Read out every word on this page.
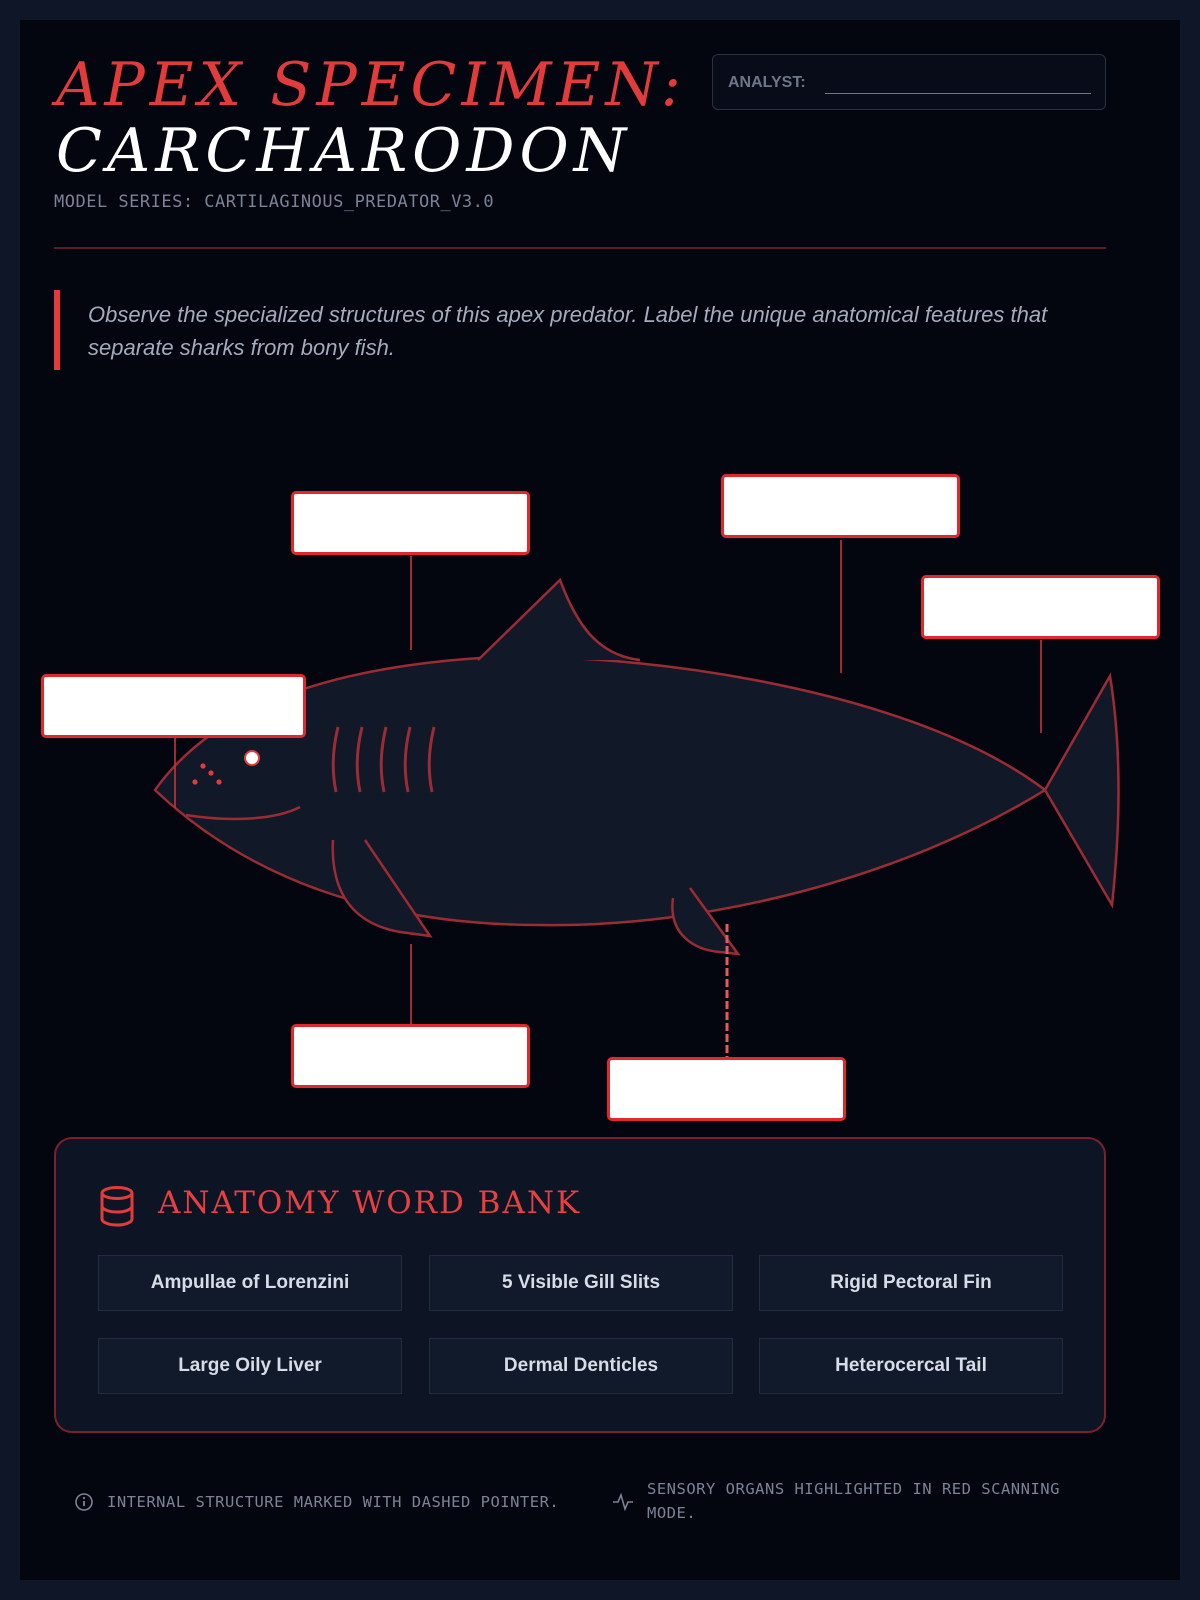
APEX SPECIMEN:
CARCHARODON
MODEL SERIES: CARTILAGINOUS_PREDATOR_V3.0
ANALYST:
Observe the specialized structures of this apex predator. Label the unique anatomical features that separate sharks from bony fish.
ANATOMY WORD BANK
Ampullae of Lorenzini	5 Visible Gill Slits	Rigid Pectoral Fin
Large Oily Liver	Dermal Denticles	Heterocercal Tail
INTERNAL STRUCTURE MARKED WITH DASHED POINTER.
SENSORY ORGANS HIGHLIGHTED IN RED SCANNING MODE.
